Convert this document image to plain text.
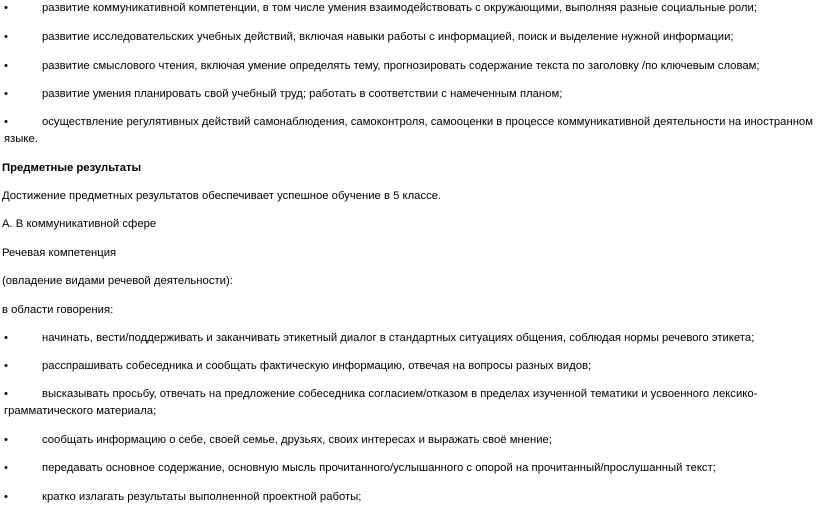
•	развитие коммуникативной компетенции, в том числе умения взаимодействовать с окружающими, выполняя разные социальные роли;
•	развитие исследовательских учебных действий, включая навыки работы с информацией, поиск и выделение нужной информации;
•	развитие смыслового чтения, включая умение определять тему, прогнозировать содержание текста по заголовку /по ключевым словам;
•	развитие умения планировать свой учебный труд; работать в соответствии с намеченным планом;
•	осуществление регулятивных действий самонаблюдения, самоконтроля, самооценки в процессе коммуникативной деятельности на иностранном
языке.
Предметные результаты
Достижение предметных результатов обеспечивает успешное обучение в 5 классе.
А. В коммуникативной сфере
Речевая компетенция
(овладение видами речевой деятельности):
в области говорения:
•	начинать, вести/поддерживать и заканчивать этикетный диалог в стандартных ситуациях общения, соблюдая нормы речевого этикета;
•	расспрашивать собеседника и сообщать фактическую информацию, отвечая на вопросы разных видов;
•	высказывать просьбу, отвечать на предложение собеседника согласием/отказом в пределах изученной тематики и усвоенного лексико-
грамматического материала;
•	сообщать информацию о себе, своей семье, друзьях, своих интересах и выражать своё мнение;
•	передавать основное содержание, основную мысль прочитанного/услышанного с опорой на прочитанный/прослушанный текст;
•	кратко излагать результаты выполненной проектной работы;
